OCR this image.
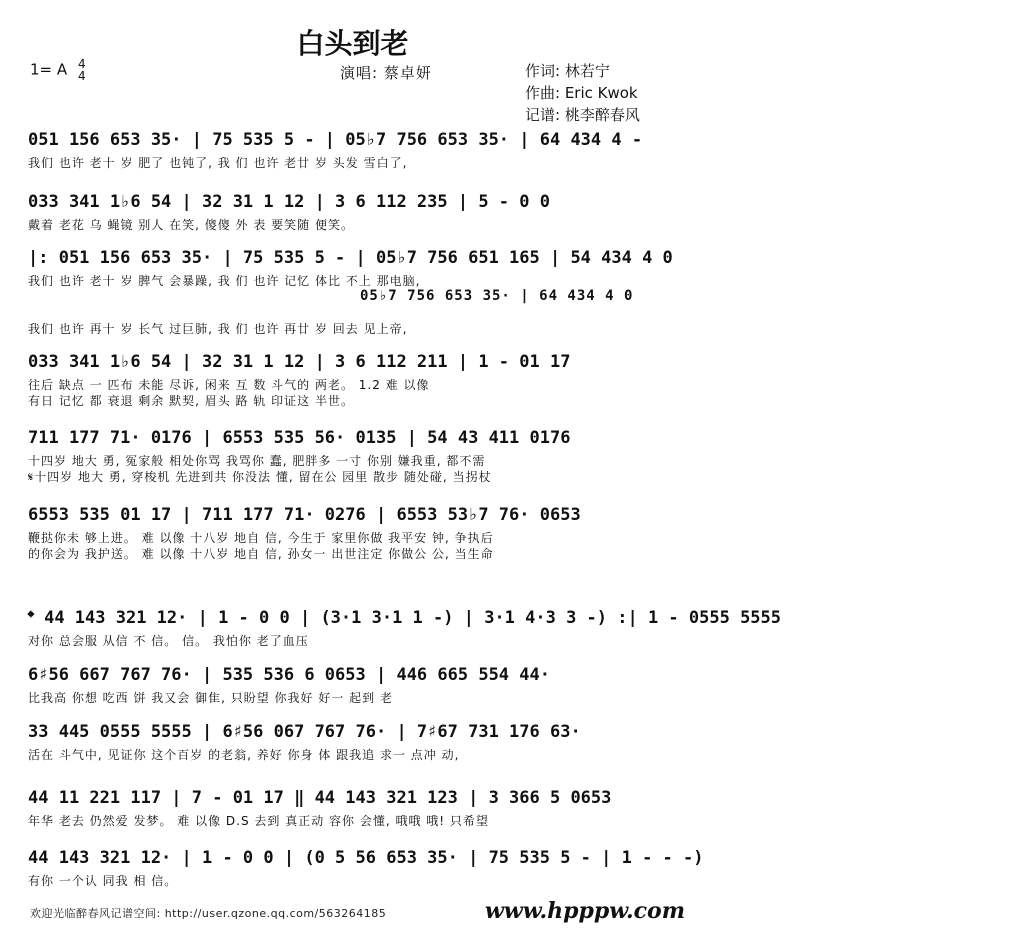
白头到老
1= A 4
4	演唱: 蔡卓妍	作词: 林若宁
作曲: Eric Kwok
记谱: 桃李醉春风
051 156 653 35· | 75 535 5 - | 05♭7 756 653 35· | 64 434 4 -
我们 也许 老十 岁 肥了 也钝了, 我 们 也许 老廿 岁 头发 雪白了,
033 341 1♭6 54 | 32 31 1 12 | 3 6 112 235 | 5 - 0 0
戴着 老花 乌 蝇镜 别人 在笑, 傻傻 外 表 要笑随 便笑。
|: 051 156 653 35· | 75 535 5 - | 05♭7 756 651 165 | 54 434 4 0
我们 也许 老十 岁 脾气 会暴躁, 我 们 也许 记忆 体比 不上 那电脑,
05♭7 756 653 35· | 64 434 4 0
我们 也许 再十 岁 长气 过巨肺, 我 们 也许 再廿 岁 回去 见上帝,
033 341 1♭6 54 | 32 31 1 12 | 3 6 112 211 | 1 - 01 17
往后 缺点 一 匹布 未能 尽诉, 闲来 互 数 斗气的 两老。 1.2 难 以像
有日 记忆 都 衰退 剩余 默契, 眉头 路 轨 印证这 半世。
711 177 71· 0176 | 6553 535 56· 0135 | 54 43 411 0176
十四岁 地大 勇, 冤家般 相处你骂 我骂你 蠢, 肥胖多 一寸 你别 嫌我重, 都不需
𝄋十四岁 地大 勇, 穿梭机 先进到共 你没法 懂, 留在公 园里 散步 随处碰, 当拐杖
6553 535 01 17 | 711 177 71· 0276 | 6553 53♭7 76· 0653
鞭挞你未 够上进。 难 以像 十八岁 地自 信, 今生于 家里你做 我平安 钟, 争执后
的你会为 我护送。 难 以像 十八岁 地自 信, 孙女一 出世注定 你做公 公, 当生命
𝄌 44 143 321 12· | 1 - 0 0 | (3·1 3·1 1 -) | 3·1 4·3 3 -) :| 1 - 0555 5555
对你 总会服 从信 不 信。 信。 我怕你 老了血压
6♯56 667 767 76· | 535 536 6 0653 | 446 665 554 44·
比我高 你想 吃西 饼 我又会 御隹, 只盼望 你我好 好一 起到 老
33 445 0555 5555 | 6♯56 067 767 76· | 7♯67 731 176 63·
活在 斗气中, 见证你 这个百岁 的老翁, 养好 你身 体 跟我追 求一 点冲 动,
44 11 221 117 | 7 - 01 17 ‖ 44 143 321 123 | 3 366 5 0653
年华 老去 仍然爱 发梦。 难 以像 D.S 去到 真正动 容你 会懂, 哦哦 哦! 只希望
44 143 321 12· | 1 - 0 0 | (0 5 56 653 35· | 75 535 5 - | 1 - - -)
有你 一个认 同我 相 信。
欢迎光临醉春风记谱空间: http://user.qzone.qq.com/563264185	www.hpppw.com
